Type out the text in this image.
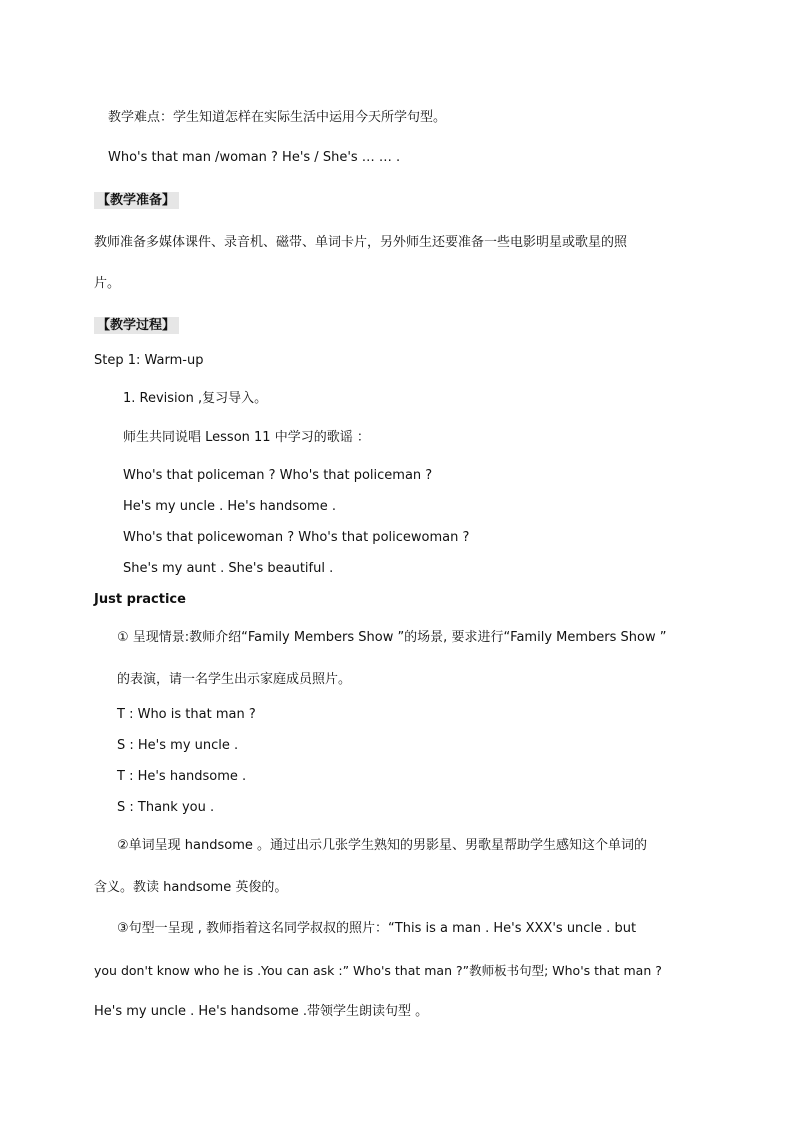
教学难点：学生知道怎样在实际生活中运用今天所学句型。
Who's that man /woman ? He's / She's … … .
【教学准备】
教师准备多媒体课件、录音机、磁带、单词卡片，另外师生还要准备一些电影明星或歌星的照
片。
【教学过程】
Step 1: Warm-up
1. Revision ,复习导入。
师生共同说唱 Lesson 11 中学习的歌谣 ：
Who's that policeman ? Who's that policeman ?
He's my uncle . He's handsome .
Who's that policewoman ? Who's that policewoman ?
She's my aunt . She's beautiful .
Just practice
① 呈现情景:教师介绍“Family Members Show ”的场景, 要求进行“Family Members Show ”
的表演，请一名学生出示家庭成员照片。
T : Who is that man ?
S : He's my uncle .
T : He's handsome .
S : Thank you .
②单词呈现 handsome 。通过出示几张学生熟知的男影星、男歌星帮助学生感知这个单词的
含义。教读 handsome 英俊的。
③句型一呈现 , 教师指着这名同学叔叔的照片：“This is a man . He's XXX's uncle . but
you don't know who he is .You can ask :” Who's that man ?”教师板书句型; Who's that man ?
He's my uncle . He's handsome .带领学生朗读句型 。
